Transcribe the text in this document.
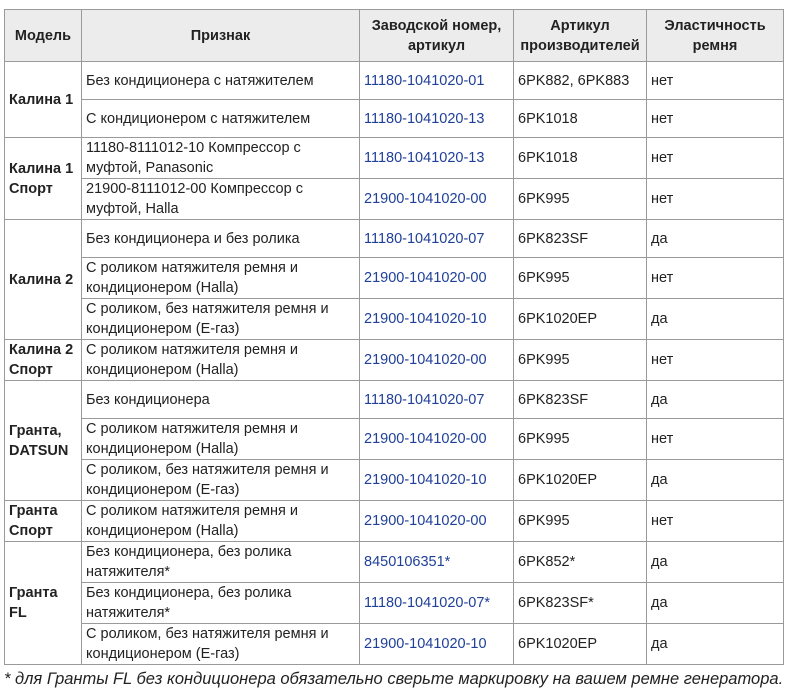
Модель	Признак	Заводской номер, артикул	Артикул производителей	Эластичность ремня
Калина 1	Без кондиционера с натяжителем	11180-1041020-01	6PK882, 6PK883	нет
	С кондиционером с натяжителем	11180-1041020-13	6PK1018	нет
Калина 1 Спорт	11180-8111012-10 Компрессор с муфтой, Panasonic	11180-1041020-13	6PK1018	нет
	21900-8111012-00 Компрессор с муфтой, Halla	21900-1041020-00	6PK995	нет
Калина 2	Без кондиционера и без ролика	11180-1041020-07	6PK823SF	да
	С роликом натяжителя ремня и кондиционером (Halla)	21900-1041020-00	6PK995	нет
	С роликом, без натяжителя ремня и кондиционером (E-газ)	21900-1041020-10	6PK1020EP	да
Калина 2 Спорт	С роликом натяжителя ремня и кондиционером (Halla)	21900-1041020-00	6PK995	нет
Гранта, DATSUN	Без кондиционера	11180-1041020-07	6PK823SF	да
	С роликом натяжителя ремня и кондиционером (Halla)	21900-1041020-00	6PK995	нет
	С роликом, без натяжителя ремня и кондиционером (E-газ)	21900-1041020-10	6PK1020EP	да
Гранта Спорт	С роликом натяжителя ремня и кондиционером (Halla)	21900-1041020-00	6PK995	нет
Гранта FL	Без кондиционера, без ролика натяжителя*	8450106351*	6PK852*	да
	Без кондиционера, без ролика натяжителя*	11180-1041020-07*	6PK823SF*	да
	С роликом, без натяжителя ремня и кондиционером (E-газ)	21900-1041020-10	6PK1020EP	да
* для Гранты FL без кондиционера обязательно сверьте маркировку на вашем ремне генератора.
